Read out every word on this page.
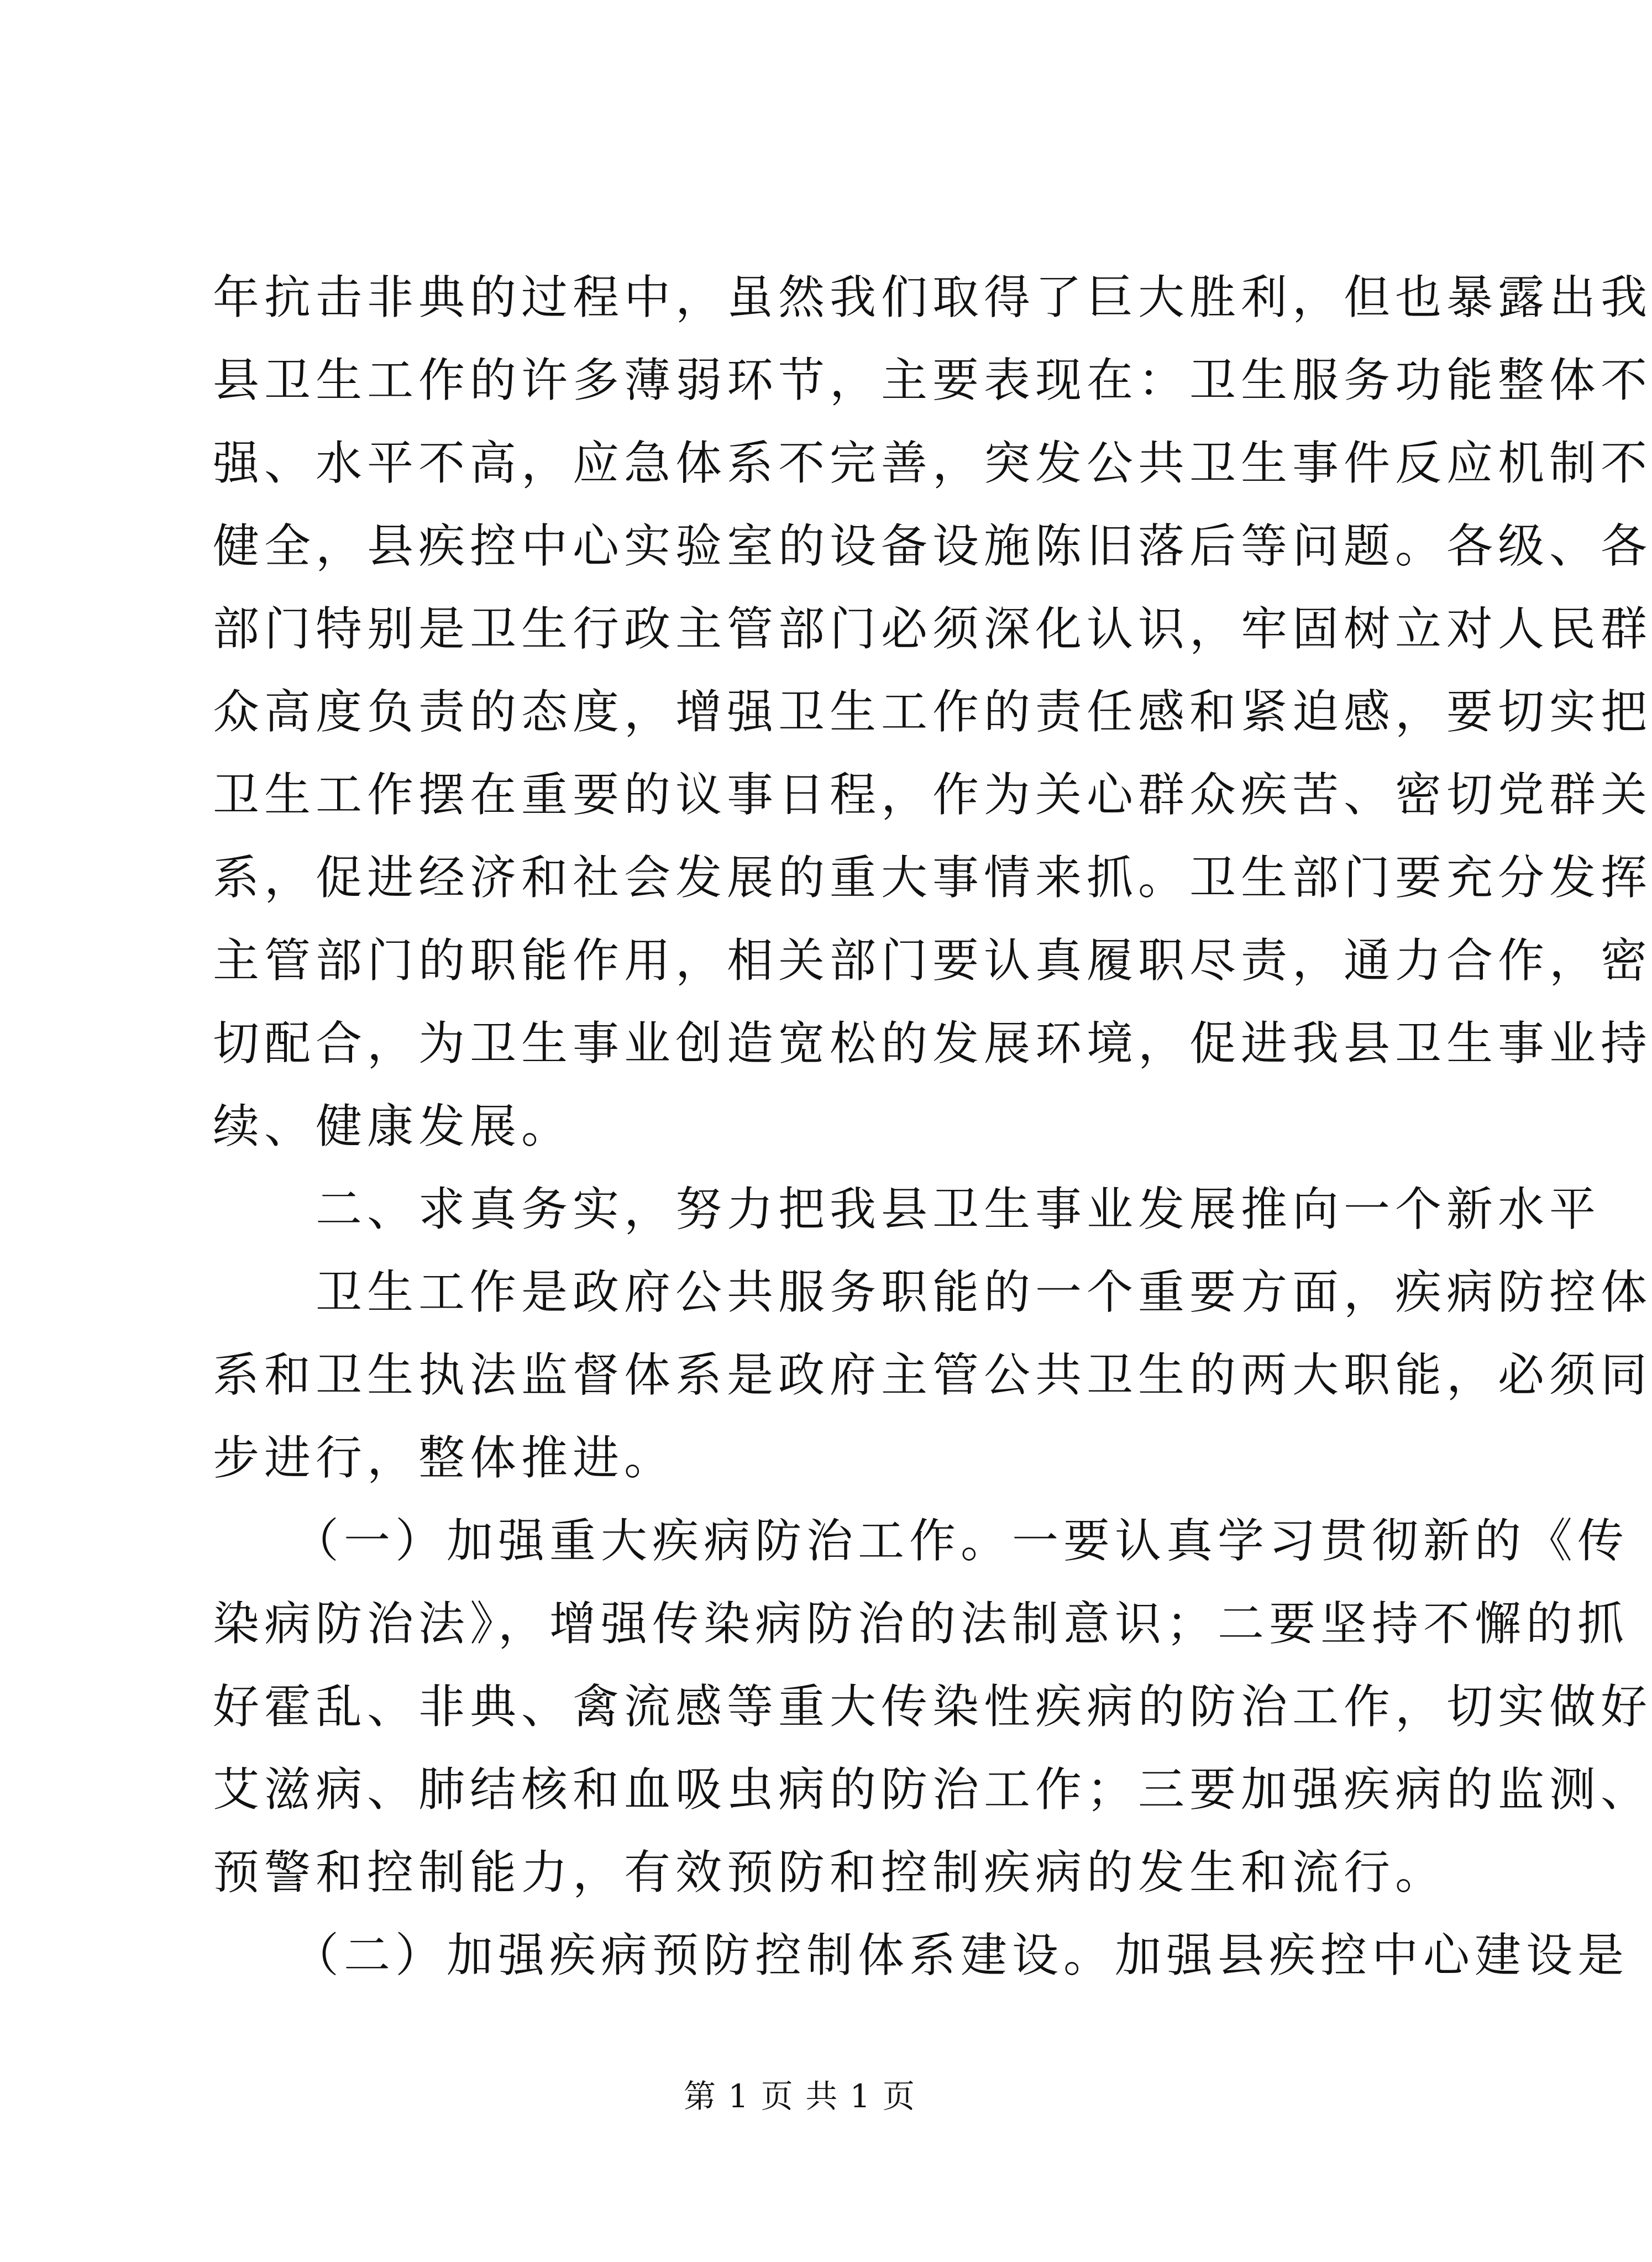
年抗击非典的过程中，虽然我们取得了巨大胜利，但也暴露出我
县卫生工作的许多薄弱环节，主要表现在：卫生服务功能整体不
强、水平不高，应急体系不完善，突发公共卫生事件反应机制不
健全，县疾控中心实验室的设备设施陈旧落后等问题。各级、各
部门特别是卫生行政主管部门必须深化认识，牢固树立对人民群
众高度负责的态度，增强卫生工作的责任感和紧迫感，要切实把
卫生工作摆在重要的议事日程，作为关心群众疾苦、密切党群关
系，促进经济和社会发展的重大事情来抓。卫生部门要充分发挥
主管部门的职能作用，相关部门要认真履职尽责，通力合作，密
切配合，为卫生事业创造宽松的发展环境，促进我县卫生事业持
续、健康发展。
　　二、求真务实，努力把我县卫生事业发展推向一个新水平
　　卫生工作是政府公共服务职能的一个重要方面，疾病防控体
系和卫生执法监督体系是政府主管公共卫生的两大职能，必须同
步进行，整体推进。
　　（一）加强重大疾病防治工作。一要认真学习贯彻新的《传
染病防治法》，增强传染病防治的法制意识；二要坚持不懈的抓
好霍乱、非典、禽流感等重大传染性疾病的防治工作，切实做好
艾滋病、肺结核和血吸虫病的防治工作；三要加强疾病的监测、
预警和控制能力，有效预防和控制疾病的发生和流行。
　　（二）加强疾病预防控制体系建设。加强县疾控中心建设是
第 1 页 共 1 页
